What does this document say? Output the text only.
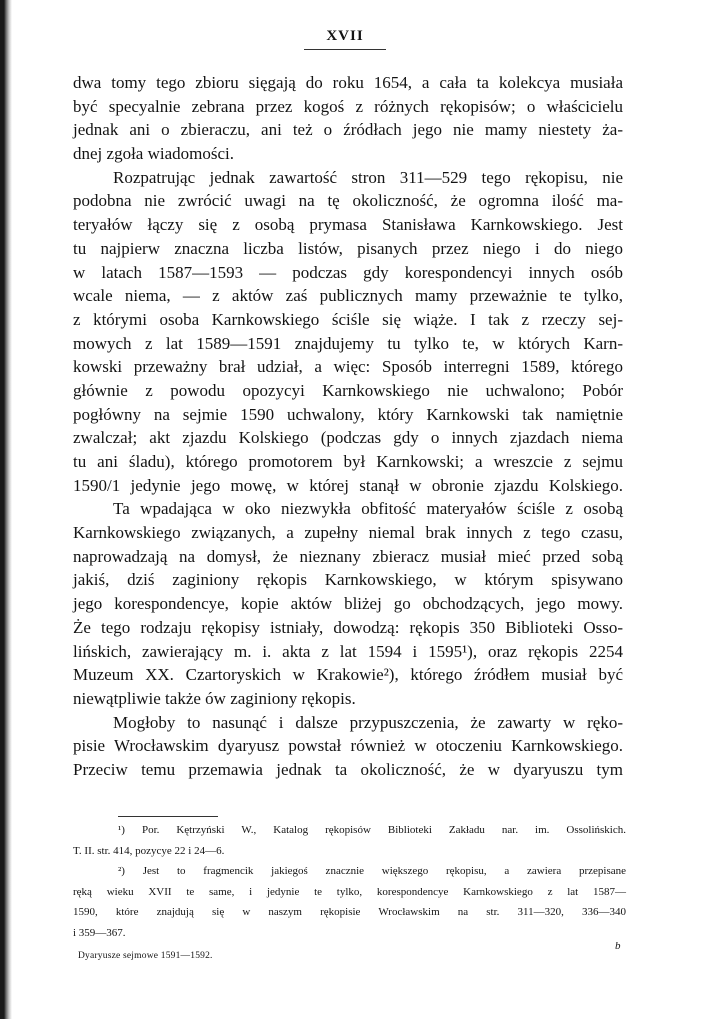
XVII
dwa tomy tego zbioru sięgają do roku 1654, a cała ta kolekcya musiała
być specyalnie zebrana przez kogoś z różnych rękopisów; o właścicielu
jednak ani o zbieraczu, ani też o źródłach jego nie mamy niestety ża-
dnej zgoła wiadomości.
Rozpatrując jednak zawartość stron 311—529 tego rękopisu, nie
podobna nie zwrócić uwagi na tę okoliczność, że ogromna ilość ma-
teryałów łączy się z osobą prymasa Stanisława Karnkowskiego. Jest
tu najpierw znaczna liczba listów, pisanych przez niego i do niego
w latach 1587—1593 — podczas gdy korespondencyi innych osób
wcale niema, — z aktów zaś publicznych mamy przeważnie te tylko,
z którymi osoba Karnkowskiego ściśle się wiąże. I tak z rzeczy sej-
mowych z lat 1589—1591 znajdujemy tu tylko te, w których Karn-
kowski przeważny brał udział, a więc: Sposób interregni 1589, którego
głównie z powodu opozycyi Karnkowskiego nie uchwalono; Pobór
pogłówny na sejmie 1590 uchwalony, który Karnkowski tak namiętnie
zwalczał; akt zjazdu Kolskiego (podczas gdy o innych zjazdach niema
tu ani śladu), którego promotorem był Karnkowski; a wreszcie z sejmu
1590/1 jedynie jego mowę, w której stanął w obronie zjazdu Kolskiego.
Ta wpadająca w oko niezwykła obfitość materyałów ściśle z osobą
Karnkowskiego związanych, a zupełny niemal brak innych z tego czasu,
naprowadzają na domysł, że nieznany zbieracz musiał mieć przed sobą
jakiś, dziś zaginiony rękopis Karnkowskiego, w którym spisywano
jego korespondencye, kopie aktów bliżej go obchodzących, jego mowy.
Że tego rodzaju rękopisy istniały, dowodzą: rękopis 350 Biblioteki Osso-
lińskich, zawierający m. i. akta z lat 1594 i 1595¹), oraz rękopis 2254
Muzeum XX. Czartoryskich w Krakowie²), którego źródłem musiał być
niewątpliwie także ów zaginiony rękopis.
Mogłoby to nasunąć i dalsze przypuszczenia, że zawarty w ręko-
pisie Wrocławskim dyaryusz powstał również w otoczeniu Karnkowskiego.
Przeciw temu przemawia jednak ta okoliczność, że w dyaryuszu tym
¹) Por. Kętrzyński W., Katalog rękopisów Biblioteki Zakładu nar. im. Ossolińskich.
T. II. str. 414, pozycye 22 i 24—6.
²) Jest to fragmencik jakiegoś znacznie większego rękopisu, a zawiera przepisane
ręką wieku XVII te same, i jedynie te tylko, korespondencye Karnkowskiego z lat 1587—
1590, które znajdują się w naszym rękopisie Wrocławskim na str. 311—320, 336—340
i 359—367.
Dyaryusze sejmowe 1591—1592.
b
